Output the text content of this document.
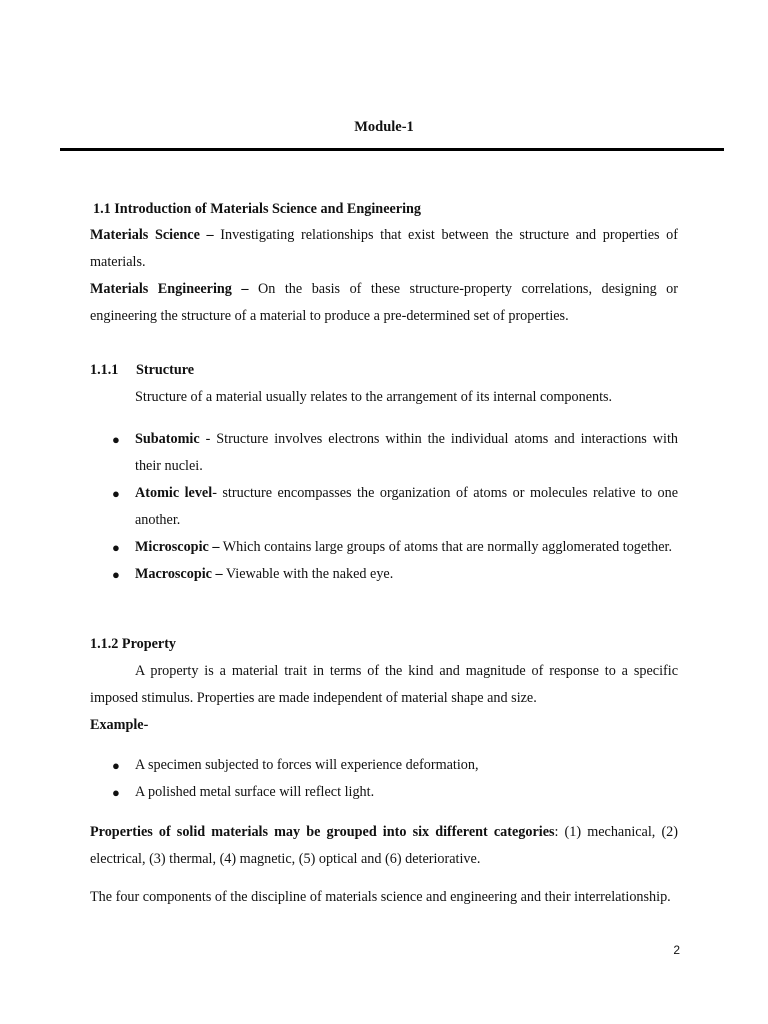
Module-1
1.1 Introduction of Materials Science and Engineering
Materials Science – Investigating relationships that exist between the structure and properties of materials.
Materials Engineering – On the basis of these structure-property correlations, designing or engineering the structure of a material to produce a pre-determined set of properties.
1.1.1 Structure
Structure of a material usually relates to the arrangement of its internal components.
● Subatomic - Structure involves electrons within the individual atoms and interactions with their nuclei.
● Atomic level- structure encompasses the organization of atoms or molecules relative to one another.
● Microscopic – Which contains large groups of atoms that are normally agglomerated together.
● Macroscopic – Viewable with the naked eye.
1.1.2 Property
A property is a material trait in terms of the kind and magnitude of response to a specific imposed stimulus. Properties are made independent of material shape and size.
Example-
● A specimen subjected to forces will experience deformation,
● A polished metal surface will reflect light.
Properties of solid materials may be grouped into six different categories: (1) mechanical, (2) electrical, (3) thermal, (4) magnetic, (5) optical and (6) deteriorative.
The four components of the discipline of materials science and engineering and their interrelationship.
2
